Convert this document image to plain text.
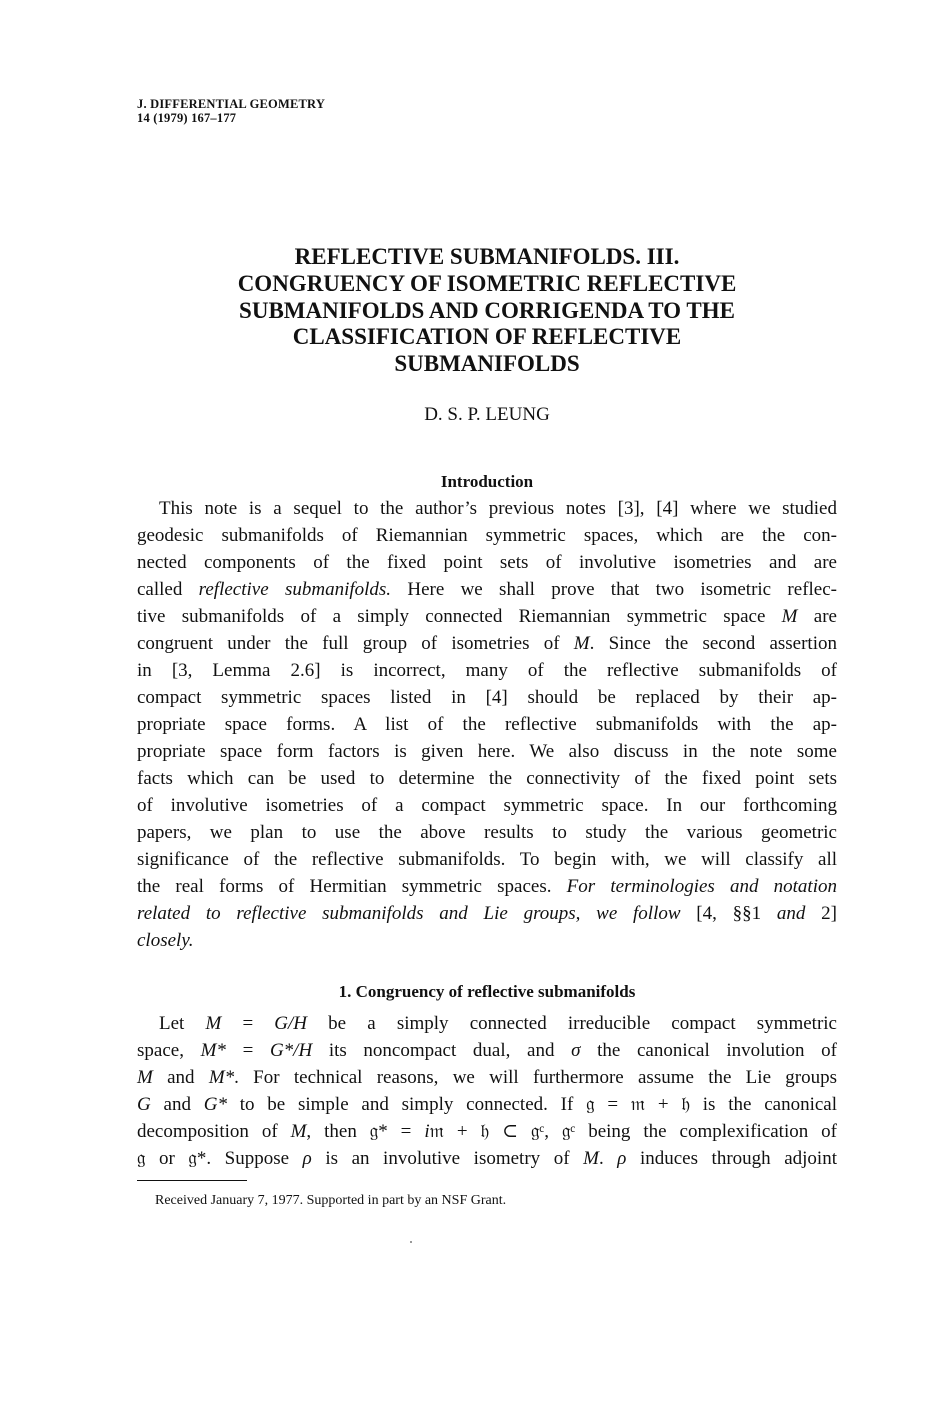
J. DIFFERENTIAL GEOMETRY
14 (1979) 167–177
REFLECTIVE SUBMANIFOLDS. III.
CONGRUENCY OF ISOMETRIC REFLECTIVE
SUBMANIFOLDS AND CORRIGENDA TO THE
CLASSIFICATION OF REFLECTIVE
SUBMANIFOLDS
D. S. P. LEUNG
Introduction
This note is a sequel to the author’s previous notes [3], [4] where we studied
geodesic submanifolds of Riemannian symmetric spaces, which are the con-
nected components of the fixed point sets of involutive isometries and are
called reflective submanifolds. Here we shall prove that two isometric reflec-
tive submanifolds of a simply connected Riemannian symmetric space M are
congruent under the full group of isometries of M. Since the second assertion
in [3, Lemma 2.6] is incorrect, many of the reflective submanifolds of
compact symmetric spaces listed in [4] should be replaced by their ap-
propriate space forms. A list of the reflective submanifolds with the ap-
propriate space form factors is given here. We also discuss in the note some
facts which can be used to determine the connectivity of the fixed point sets
of involutive isometries of a compact symmetric space. In our forthcoming
papers, we plan to use the above results to study the various geometric
significance of the reflective submanifolds. To begin with, we will classify all
the real forms of Hermitian symmetric spaces. For terminologies and notation
related to reflective submanifolds and Lie groups, we follow [4, §§1 and 2]
closely.
1. Congruency of reflective submanifolds
Let M = G/H be a simply connected irreducible compact symmetric
space, M* = G*/H its noncompact dual, and σ the canonical involution of
M and M*. For technical reasons, we will furthermore assume the Lie groups
G and G* to be simple and simply connected. If 𝔤 = 𝔪 + 𝔥 is the canonical
decomposition of M, then 𝔤* = i𝔪 + 𝔥 ⊂ 𝔤ᶜ, 𝔤ᶜ being the complexification of
𝔤 or 𝔤*. Suppose ρ is an involutive isometry of M. ρ induces through adjoint
Received January 7, 1977. Supported in part by an NSF Grant.
